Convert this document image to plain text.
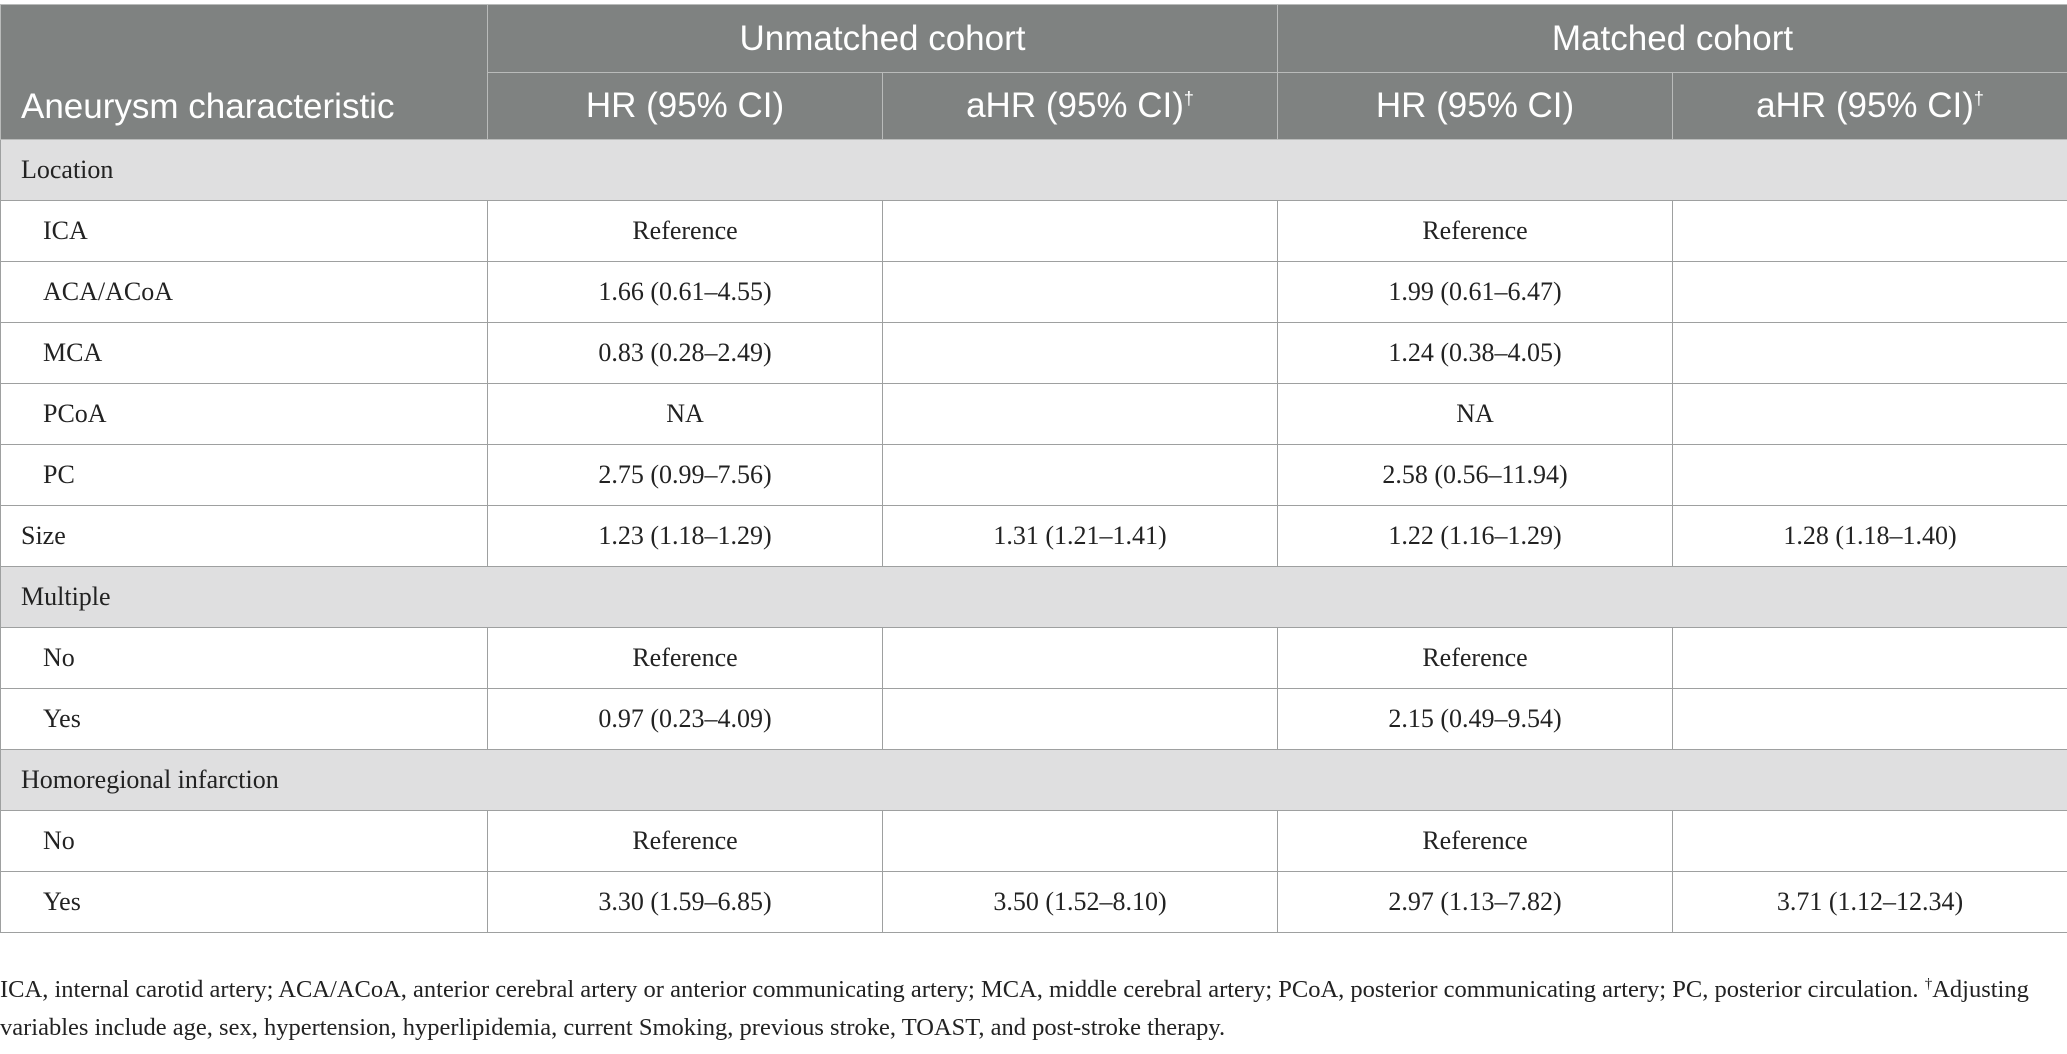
Aneurysm characteristic	Unmatched cohort		Matched cohort	
	HR (95% CI)	aHR (95% CI)†	HR (95% CI)	aHR (95% CI)†
Location				
ICA	Reference		Reference	
ACA/ACoA	1.66 (0.61–4.55)		1.99 (0.61–6.47)	
MCA	0.83 (0.28–2.49)		1.24 (0.38–4.05)	
PCoA	NA		NA	
PC	2.75 (0.99–7.56)		2.58 (0.56–11.94)	
Size	1.23 (1.18–1.29)	1.31 (1.21–1.41)	1.22 (1.16–1.29)	1.28 (1.18–1.40)
Multiple				
No	Reference		Reference	
Yes	0.97 (0.23–4.09)		2.15 (0.49–9.54)	
Homoregional infarction				
No	Reference		Reference	
Yes	3.30 (1.59–6.85)	3.50 (1.52–8.10)	2.97 (1.13–7.82)	3.71 (1.12–12.34)
ICA, internal carotid artery; ACA/ACoA, anterior cerebral artery or anterior communicating artery; MCA, middle cerebral artery; PCoA, posterior communicating artery; PC, posterior circulation. †Adjusting variables include age, sex, hypertension, hyperlipidemia, current Smoking, previous stroke, TOAST, and post-stroke therapy.
